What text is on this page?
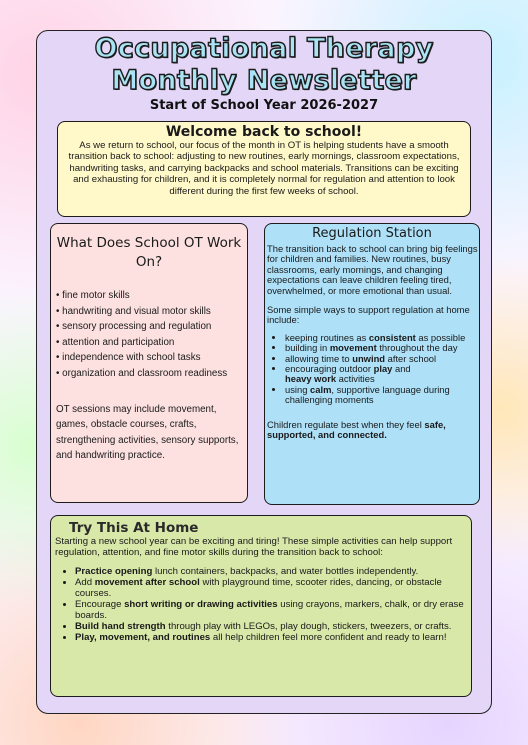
Occupational Therapy
Monthly Newsletter
Start of School Year 2026-2027
Welcome back to school!

As we return to school, our focus of the month in OT is helping students have a smooth transition back to school: adjusting to new routines, early mornings, classroom expectations, handwriting tasks, and carrying backpacks and school materials. Transitions can be exciting and exhausting for children, and it is completely normal for regulation and attention to look different during the first few weeks of school.

What Does School OT Work On?
• fine motor skills
• handwriting and visual motor skills
• sensory processing and regulation
• attention and participation
• independence with school tasks
• organization and classroom readiness
OT sessions may include movement, games, obstacle courses, crafts, strengthening activities, sensory supports, and handwriting practice.
Regulation Station

The transition back to school can bring big feelings for children and families. New routines, busy classrooms, early mornings, and changing expectations can leave children feeling tired, overwhelmed, or more emotional than usual.

Some simple ways to support regulation at home include:

• keeping routines as consistent as possible
• building in movement throughout the day
• allowing time to unwind after school
• encouraging outdoor play and
heavy work activities
• using calm, supportive language during challenging moments

Children regulate best when they feel safe, supported, and connected.

Try This At Home

Starting a new school year can be exciting and tiring! These simple activities can help support regulation, attention, and fine motor skills during the transition back to school:

• Practice opening lunch containers, backpacks, and water bottles independently.
• Add movement after school with playground time, scooter rides, dancing, or obstacle courses.
• Encourage short writing or drawing activities using crayons, markers, chalk, or dry erase boards.
• Build hand strength through play with LEGOs, play dough, stickers, tweezers, or crafts.
• Play, movement, and routines all help children feel more confident and ready to learn!
